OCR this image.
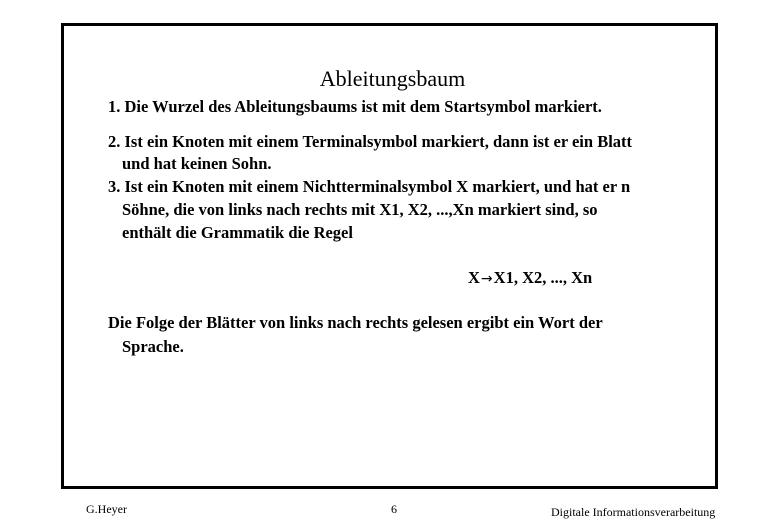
Ableitungsbaum
1. Die Wurzel des Ableitungsbaums ist mit dem Startsymbol markiert.
2. Ist ein Knoten mit einem Terminalsymbol markiert, dann ist er ein Blatt
und hat keinen Sohn.
3. Ist ein Knoten mit einem Nichtterminalsymbol X markiert, und hat er n
Söhne, die von links nach rechts mit X1, X2, ...,Xn markiert sind, so
enthält die Grammatik die Regel
X→X1, X2, ..., Xn
Die Folge der Blätter von links nach rechts gelesen ergibt ein Wort der
Sprache.
G.Heyer	6	Digitale Informationsverarbeitung
